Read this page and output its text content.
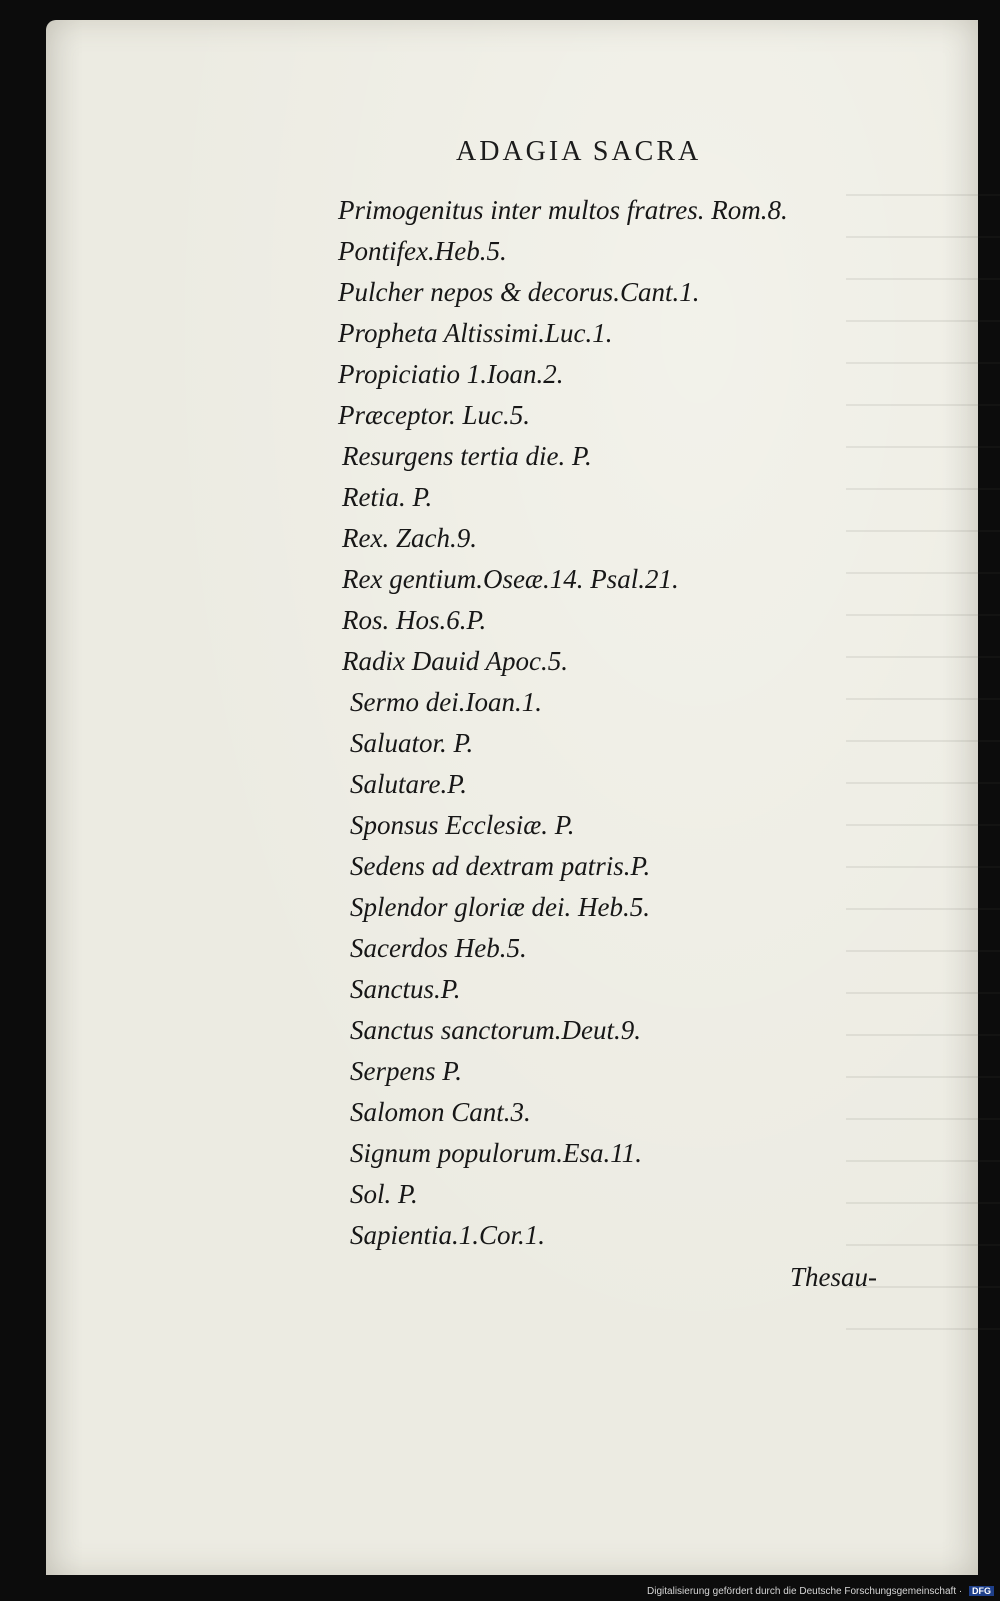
ADAGIA SACRA
Primogenitus inter multos fratres. Rom.8.
Pontifex.Heb.5.
Pulcher nepos & decorus.Cant.1.
Propheta Altissimi.Luc.1.
Propiciatio 1.Ioan.2.
Præceptor. Luc.5.
Resurgens tertia die. P.
Retia. P.
Rex. Zach.9.
Rex gentium.Oseæ.14. Psal.21.
Ros. Hos.6.P.
Radix Dauid Apoc.5.
Sermo dei.Ioan.1.
Saluator. P.
Salutare.P.
Sponsus Ecclesiæ. P.
Sedens ad dextram patris.P.
Splendor gloriæ dei. Heb.5.
Sacerdos Heb.5.
Sanctus.P.
Sanctus sanctorum.Deut.9.
Serpens P.
Salomon Cant.3.
Signum populorum.Esa.11.
Sol. P.
Sapientia.1.Cor.1.
Thesau-
Digitalisierung gefördert durch die Deutsche Forschungsgemeinschaft · DFG
